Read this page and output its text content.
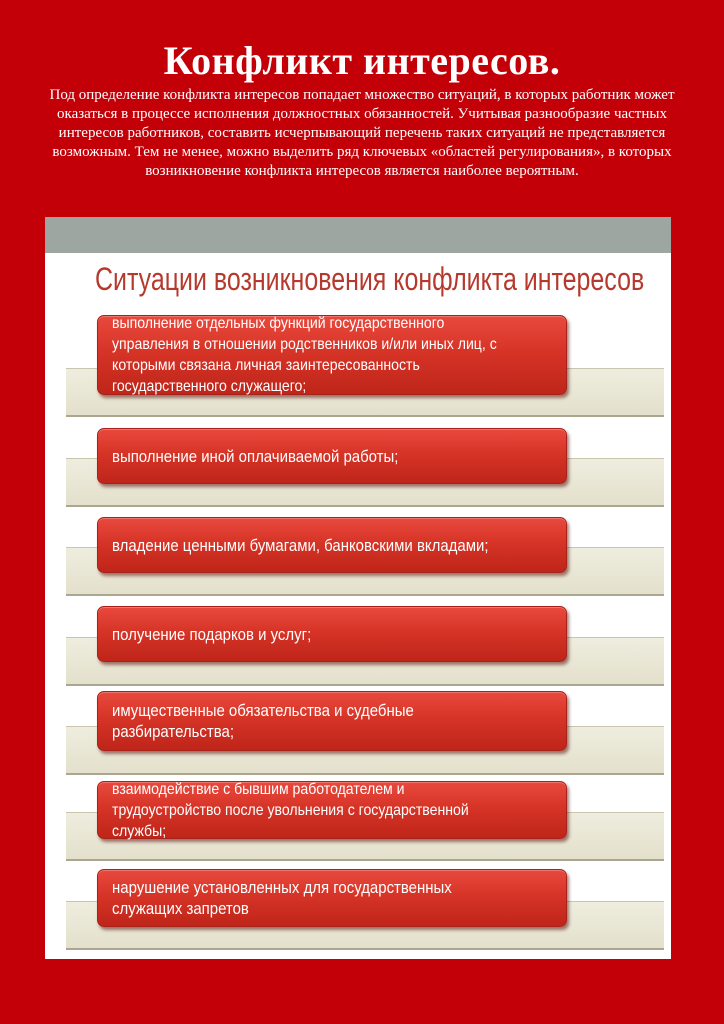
Конфликт интересов.
Под определение конфликта интересов попадает множество ситуаций, в которых работник может оказаться в процессе исполнения должностных обязанностей. Учитывая разнообразие частных интересов работников, составить исчерпывающий перечень таких ситуаций не представляется возможным. Тем не менее, можно выделить ряд ключевых «областей регулирования», в которых возникновение конфликта интересов является наиболее вероятным.
Ситуации возникновения конфликта интересов
выполнение отдельных функций государственного управления в отношении родственников и/или иных лиц, с которыми связана личная заинтересованность государственного служащего;
выполнение иной оплачиваемой работы;
владение ценными бумагами, банковскими вкладами;
получение подарков и услуг;
имущественные обязательства и судебные разбирательства;
взаимодействие с бывшим работодателем и трудоустройство после увольнения с государственной службы;
нарушение установленных для государственных служащих запретов
